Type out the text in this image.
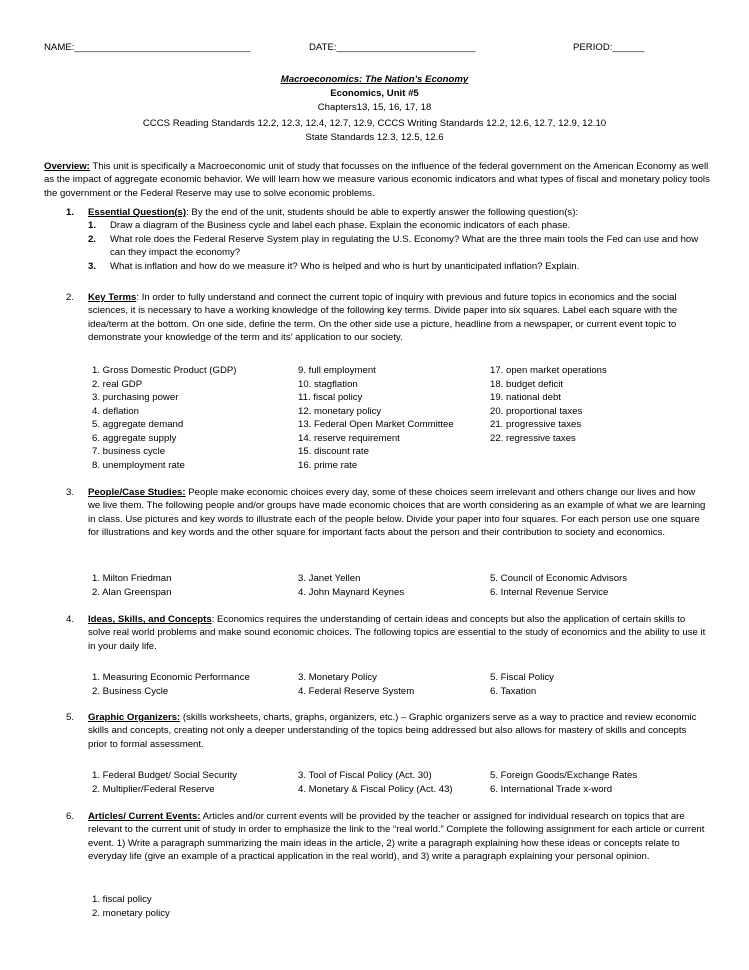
NAME:_________________________________	DATE:__________________________	PERIOD:______
Macroeconomics: The Nation’s Economy
Economics, Unit #5
Chapters13, 15, 16, 17, 18
CCCS Reading Standards 12.2, 12.3, 12.4, 12.7, 12.9, CCCS Writing Standards 12.2, 12.6, 12.7, 12.9, 12.10
State Standards 12.3, 12.5, 12.6
Overview: This unit is specifically a Macroeconomic unit of study that focusses on the influence of the federal government on the American Economy as well as the impact of aggregate economic behavior. We will learn how we measure various economic indicators and what types of fiscal and monetary policy tools the government or the Federal Reserve may use to solve economic problems.
1.	Essential Question(s): By the end of the unit, students should be able to expertly answer the following question(s):
1. Draw a diagram of the Business cycle and label each phase. Explain the economic indicators of each phase.
2. What role does the Federal Reserve System play in regulating the U.S. Economy? What are the three main tools the Fed can use and how can they impact the economy?
3. What is inflation and how do we measure it? Who is helped and who is hurt by unanticipated inflation? Explain.
2.	Key Terms: In order to fully understand and connect the current topic of inquiry with previous and future topics in economics and the social sciences, it is necessary to have a working knowledge of the following key terms. Divide paper into six squares. Label each square with the idea/term at the bottom. On one side, define the term. On the other side use a picture, headline from a newspaper, or current event topic to demonstrate your knowledge of the term and its’ application to our society.
1. Gross Domestic Product (GDP)
2. real GDP
3. purchasing power
4. deflation
5. aggregate demand
6. aggregate supply
7. business cycle
8. unemployment rate
9. full employment
10. stagflation
11. fiscal policy
12. monetary policy
13. Federal Open Market Committee
14. reserve requirement
15. discount rate
16. prime rate
17. open market operations
18. budget deficit
19. national debt
20. proportional taxes
21. progressive taxes
22. regressive taxes
3.	People/Case Studies: People make economic choices every day, some of these choices seem irrelevant and others change our lives and how we live them. The following people and/or groups have made economic choices that are worth considering as an example of what we are learning in class. Use pictures and key words to illustrate each of the people below. Divide your paper into four squares. For each person use one square for illustrations and key words and the other square for important facts about the person and their contribution to society and economics.
1. Milton Friedman
2. Alan Greenspan
3. Janet Yellen
4. John Maynard Keynes
5. Council of Economic Advisors
6. Internal Revenue Service
4.	Ideas, Skills, and Concepts: Economics requires the understanding of certain ideas and concepts but also the application of certain skills to solve real world problems and make sound economic choices. The following topics are essential to the study of economics and the ability to use it in your daily life.
1. Measuring Economic Performance
2. Business Cycle
3. Monetary Policy
4. Federal Reserve System
5. Fiscal Policy
6. Taxation
5.	Graphic Organizers: (skills worksheets, charts, graphs, organizers, etc.) – Graphic organizers serve as a way to practice and review economic skills and concepts, creating not only a deeper understanding of the topics being addressed but also allows for mastery of skills and concepts prior to formal assessment.
1. Federal Budget/ Social Security
2. Multiplier/Federal Reserve
3. Tool of Fiscal Policy (Act. 30)
4. Monetary & Fiscal Policy (Act. 43)
5. Foreign Goods/Exchange Rates
6. International Trade x-word
6.	Articles/ Current Events: Articles and/or current events will be provided by the teacher or assigned for individual research on topics that are relevant to the current unit of study in order to emphasize the link to the “real world.” Complete the following assignment for each article or current event. 1) Write a paragraph summarizing the main ideas in the article, 2) write a paragraph explaining how these ideas or concepts relate to everyday life (give an example of a practical application in the real world), and 3) write a paragraph explaining your personal opinion.
1. fiscal policy
2. monetary policy
